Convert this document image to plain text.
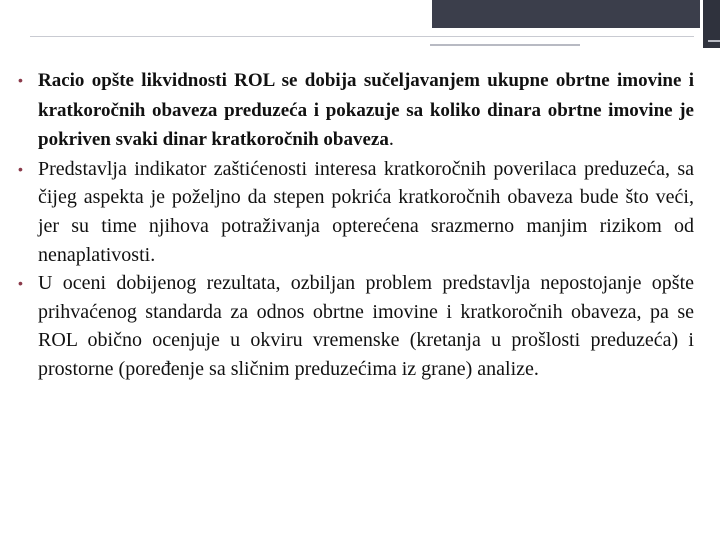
• Racio opšte likvidnosti ROL se dobija sučeljavanjem ukupne obrtne imovine i kratkoročnih obaveza preduzeća i pokazuje sa koliko dinara obrtne imovine je pokriven svaki dinar kratkoročnih obaveza.
• Predstavlja indikator zaštićenosti interesa kratkoročnih poverilaca preduzeća, sa čijeg aspekta je poželjno da stepen pokrića kratkoročnih obaveza bude što veći, jer su time njihova potraživanja opterećena srazmerno manjim rizikom od nenaplativosti.
• U oceni dobijenog rezultata, ozbiljan problem predstavlja nepostojanje opšte prihvaćenog standarda za odnos obrtne imovine i kratkoročnih obaveza, pa se ROL obično ocenjuje u okviru vremenske (kretanja u prošlosti preduzeća) i prostorne (poređenje sa sličnim preduzećima iz grane) analize.
